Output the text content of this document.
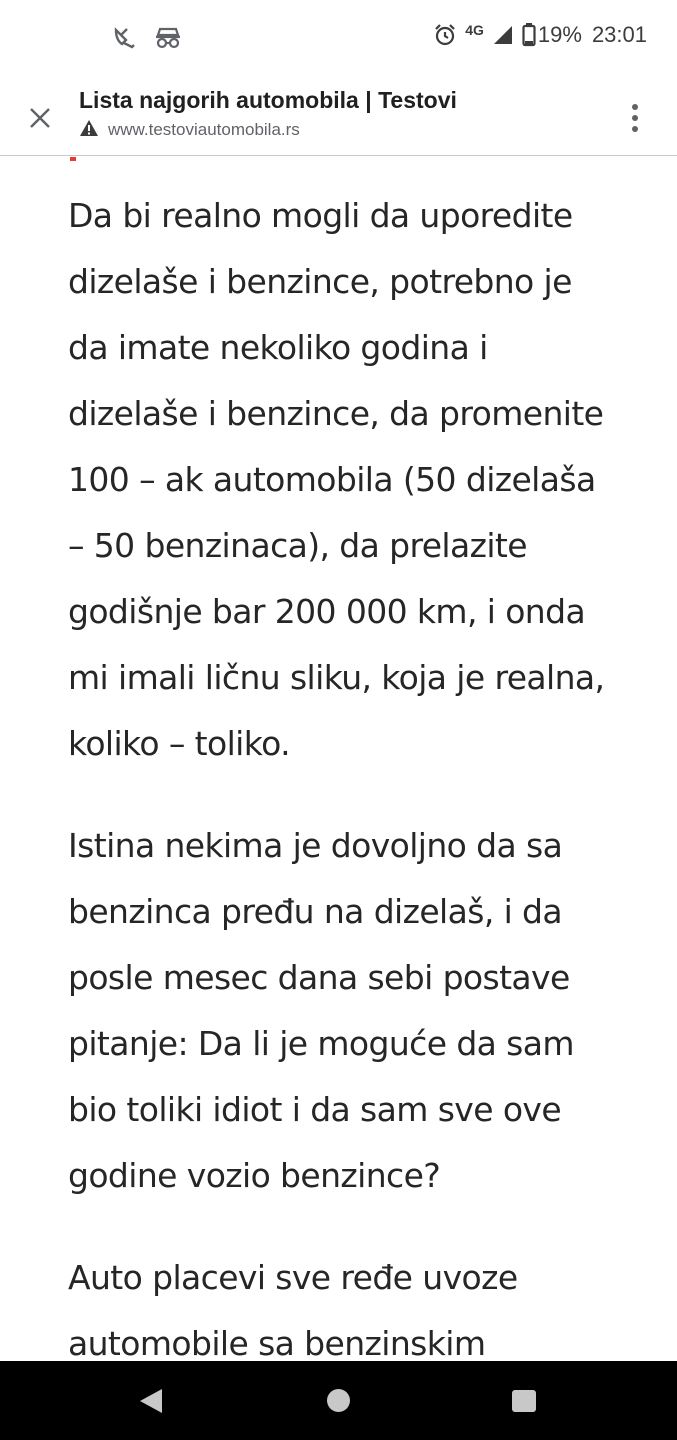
4G 19% 23:01
Lista najgorih automobila | Testovi
www.testoviautomobila.rs

Da bi realno mogli da uporedite dizelaše i benzince, potrebno je da imate nekoliko godina i dizelaše i benzince, da promenite 100 – ak automobila (50 dizelaša – 50 benzinaca), da prelazite godišnje bar 200 000 km, i onda mi imali ličnu sliku, koja je realna, koliko – toliko.

Istina nekima je dovoljno da sa benzinca pređu na dizelaš, i da posle mesec dana sebi postave pitanje: Da li je moguće da sam bio toliki idiot i da sam sve ove godine vozio benzince?

Auto placevi sve ređe uvoze automobile sa benzinskim
